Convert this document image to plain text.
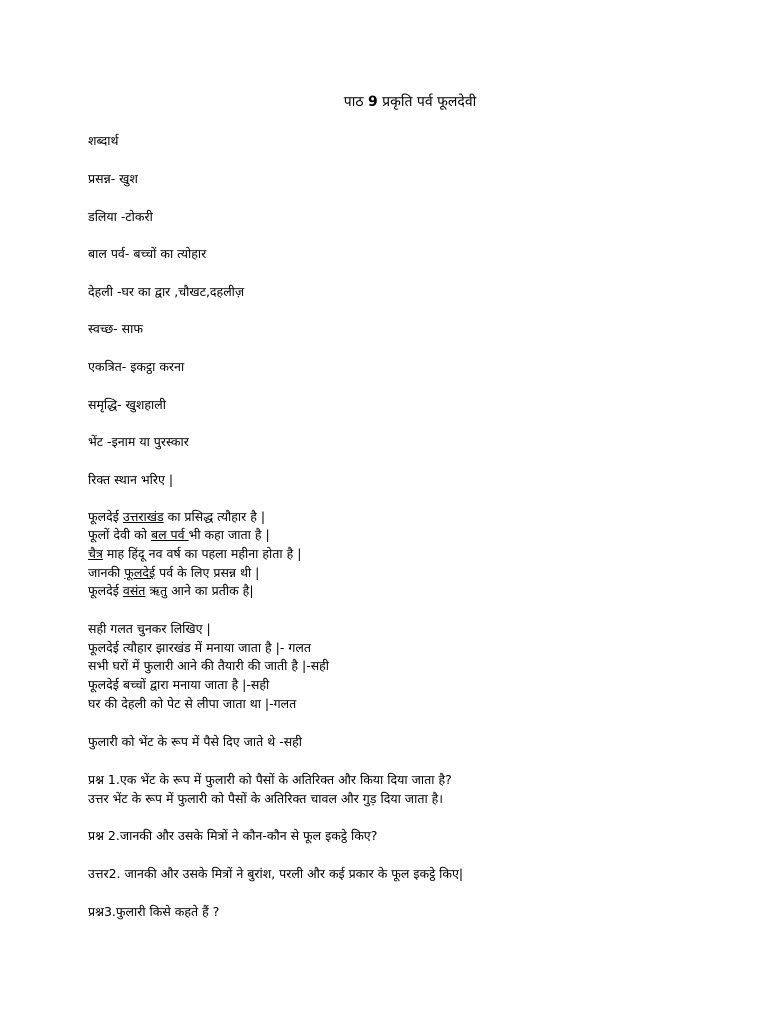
पाठ 9 प्रकृति पर्व फूलदेवी
शब्दार्थ
प्रसन्न- खुश
डलिया -टोकरी
बाल पर्व- बच्चों का त्योहार
देहली -घर का द्वार ,चौखट,दहलीज़
स्वच्छ- साफ
एकत्रित- इकट्ठा करना
समृद्धि- खुशहाली
भेंट -इनाम या पुरस्कार
रिक्त स्थान भरिए |
फूलदेई उत्तराखंड का प्रसिद्ध त्यौहार है |
फूलों देवी को बल पर्व भी कहा जाता है |
चैत्र माह हिंदू नव वर्ष का पहला महीना होता है |
जानकी फूलदेई पर्व के लिए प्रसन्न थी |
फूलदेई वसंत ऋतु आने का प्रतीक है|
सही गलत चुनकर लिखिए |
फूलदेई त्यौहार झारखंड में मनाया जाता है |- गलत
सभी घरों में फुलारी आने की तैयारी की जाती है |-सही
फूलदेई बच्चों द्वारा मनाया जाता है |-सही
घर की देहली को पेट से लीपा जाता था |-गलत
फुलारी को भेंट के रूप में पैसे दिए जाते थे -सही
प्रश्न 1.एक भेंट के रूप में फुलारी को पैसों के अतिरिक्त और किया दिया जाता है?
उत्तर भेंट के रूप में फुलारी को पैसों के अतिरिक्त चावल और गुड़ दिया जाता है।
प्रश्न 2.जानकी और उसके मित्रों ने कौन-कौन से फूल इकट्ठे किए?
उत्तर2. जानकी और उसके मित्रों ने बुरांश, परली और कई प्रकार के फूल इकट्ठे किए|
प्रश्न3.फुलारी किसे कहते हैं ?
